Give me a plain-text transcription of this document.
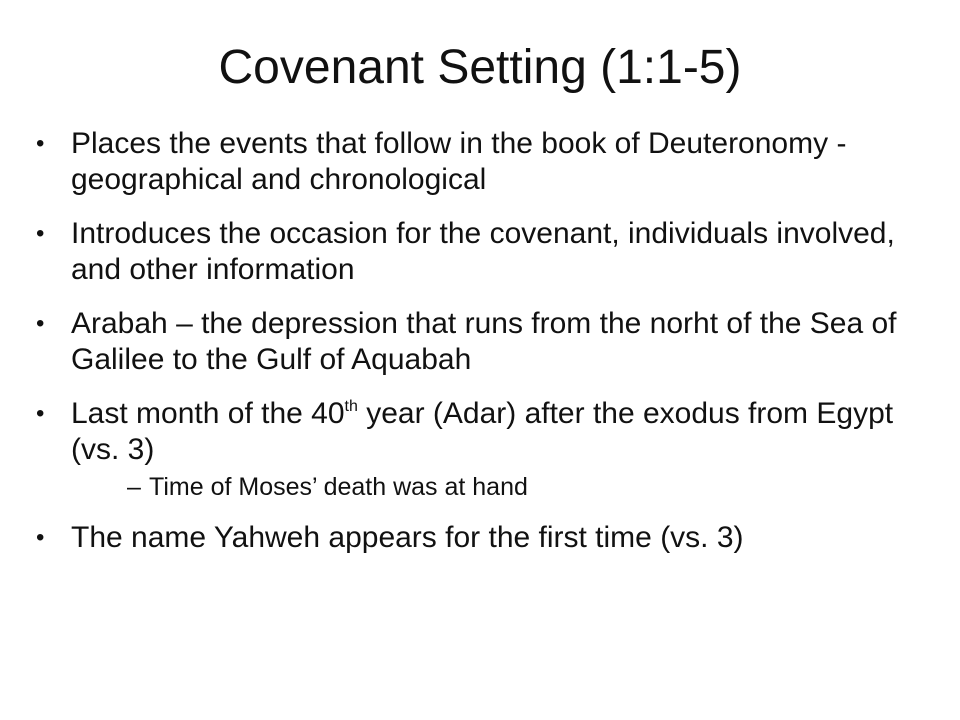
Covenant Setting (1:1-5)
• Places the events that follow in the book of Deuteronomy - geographical and chronological
• Introduces the occasion for the covenant, individuals involved, and other information
• Arabah – the depression that runs from the norht of the Sea of Galilee to the Gulf of Aquabah
• Last month of the 40th year (Adar) after the exodus from Egypt (vs. 3)
– Time of Moses’ death was at hand
• The name Yahweh appears for the first time (vs. 3)
